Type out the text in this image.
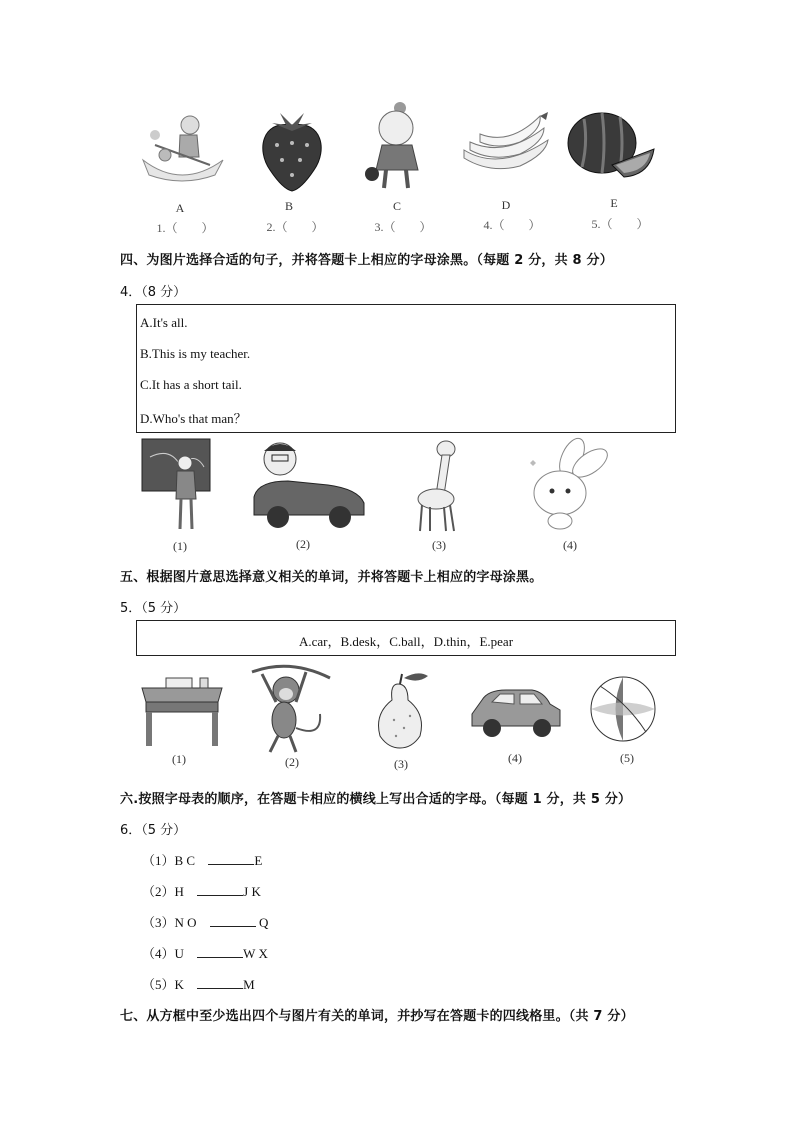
A	B	C	D	E
1.（　　）	2.（　　）	3.（　　）	4.（　　）	5.（　　）
四、为图片选择合适的句子，并将答题卡上相应的字母涂黑。（每题 2 分，共 8 分）
4．（8 分）
A.It's all.
B.This is my teacher.
C.It has a short tail.
D.Who's that man？
(1)	(2)	(3)	(4)
五、根据图片意思选择意义相关的单词，并将答题卡上相应的字母涂黑。
5．（5 分）
A.car，B.desk，C.ball，D.thin，E.pear
(1)	(2)	(3)	(4)	(5)
六.按照字母表的顺序，在答题卡相应的横线上写出合适的字母。（每题 1 分，共 5 分）
6．（5 分）
（1）B C	E
（2）H	J K
（3）N O	Q
（4）U	W X
（5）K	M
七、从方框中至少选出四个与图片有关的单词，并抄写在答题卡的四线格里。（共 7 分）
